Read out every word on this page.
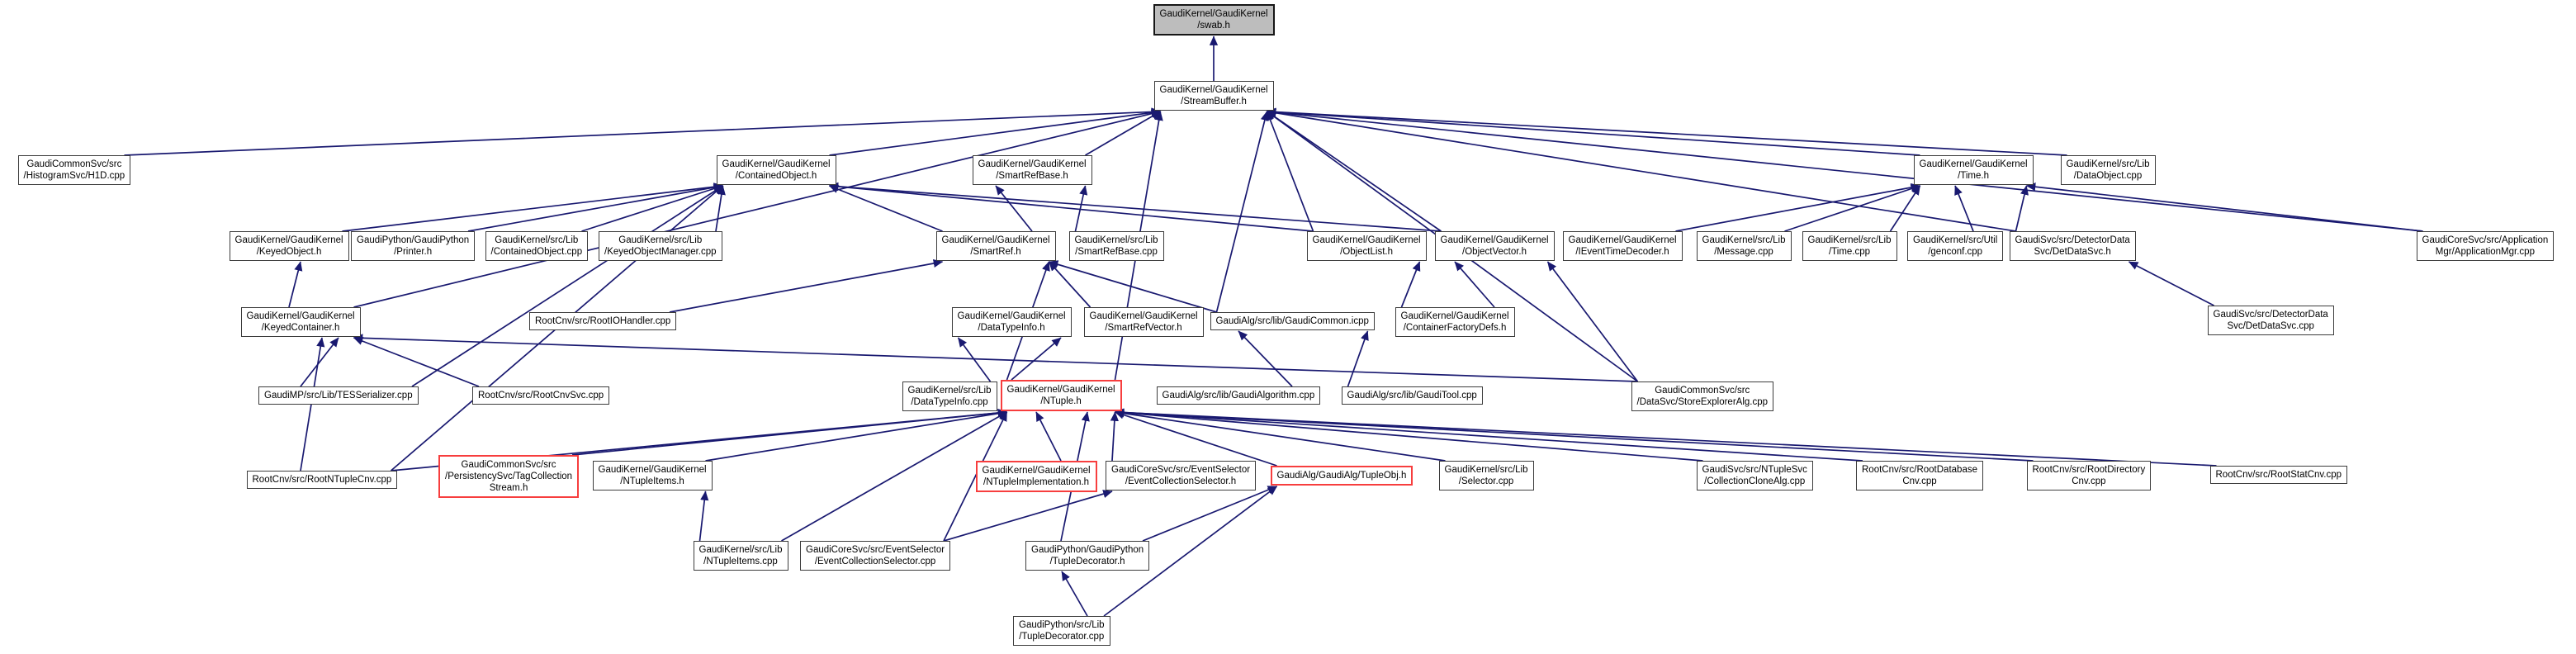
GaudiKernel/GaudiKernel
/swab.h
GaudiKernel/GaudiKernel
/StreamBuffer.h
GaudiCommonSvc/src
/HistogramSvc/H1D.cpp
GaudiKernel/GaudiKernel
/ContainedObject.h
GaudiKernel/GaudiKernel
/SmartRefBase.h
GaudiKernel/GaudiKernel
/Time.h
GaudiKernel/src/Lib
/DataObject.cpp
GaudiKernel/GaudiKernel
/KeyedObject.h
GaudiPython/GaudiPython
/Printer.h
GaudiKernel/src/Lib
/ContainedObject.cpp
GaudiKernel/src/Lib
/KeyedObjectManager.cpp
GaudiKernel/GaudiKernel
/SmartRef.h
GaudiKernel/src/Lib
/SmartRefBase.cpp
GaudiKernel/GaudiKernel
/ObjectList.h
GaudiKernel/GaudiKernel
/ObjectVector.h
GaudiKernel/GaudiKernel
/IEventTimeDecoder.h
GaudiKernel/src/Lib
/Message.cpp
GaudiKernel/src/Lib
/Time.cpp
GaudiKernel/src/Util
/genconf.cpp
GaudiSvc/src/DetectorData
Svc/DetDataSvc.h
GaudiCoreSvc/src/Application
Mgr/ApplicationMgr.cpp
GaudiKernel/GaudiKernel
/KeyedContainer.h
RootCnv/src/RootIOHandler.cpp	GaudiKernel/GaudiKernel
/DataTypeInfo.h
GaudiKernel/GaudiKernel
/SmartRefVector.h
GaudiAlg/src/lib/GaudiCommon.icpp	GaudiKernel/GaudiKernel
/ContainerFactoryDefs.h
GaudiSvc/src/DetectorData
Svc/DetDataSvc.cpp
GaudiMP/src/Lib/TESSerializer.cpp	RootCnv/src/RootCnvSvc.cpp	GaudiKernel/src/Lib
/DataTypeInfo.cpp
GaudiKernel/GaudiKernel
/NTuple.h
GaudiAlg/src/lib/GaudiAlgorithm.cpp	GaudiAlg/src/lib/GaudiTool.cpp	GaudiCommonSvc/src
/DataSvc/StoreExplorerAlg.cpp
RootCnv/src/RootNTupleCnv.cpp
GaudiCommonSvc/src
/PersistencySvc/TagCollection
Stream.h
GaudiKernel/GaudiKernel
/NTupleItems.h
GaudiKernel/GaudiKernel
/NTupleImplementation.h
GaudiCoreSvc/src/EventSelector
/EventCollectionSelector.h
GaudiAlg/GaudiAlg/TupleObj.h
GaudiKernel/src/Lib
/Selector.cpp
GaudiSvc/src/NTupleSvc
/CollectionCloneAlg.cpp
RootCnv/src/RootDatabase
Cnv.cpp
RootCnv/src/RootDirectory
Cnv.cpp
RootCnv/src/RootStatCnv.cpp
GaudiKernel/src/Lib
/NTupleItems.cpp
GaudiCoreSvc/src/EventSelector
/EventCollectionSelector.cpp
GaudiPython/GaudiPython
/TupleDecorator.h
GaudiPython/src/Lib
/TupleDecorator.cpp
